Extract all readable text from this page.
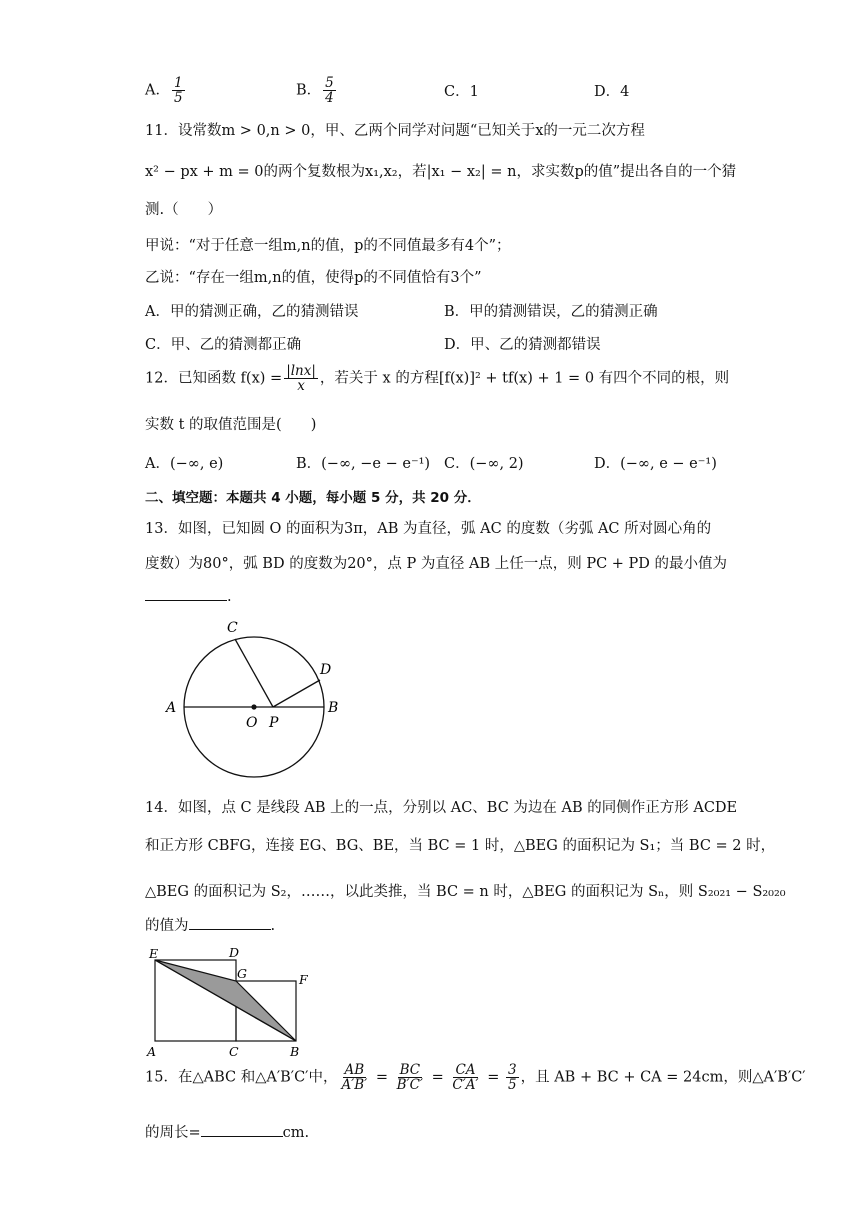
A． $\frac{1}{5}$	B． $\frac{5}{4}$	C．1	D．4
11．设常数m > 0,n > 0，甲、乙两个同学对问题“已知关于x的一元二次方程
x² − px + m = 0的两个复数根为x₁,x₂，若|x₁ − x₂| = n，求实数p的值”提出各自的一个猜
测.（　　）
甲说：“对于任意一组m,n的值，p的不同值最多有4个”；
乙说：“存在一组m,n的值，使得p的不同值恰有3个”
A．甲的猜测正确，乙的猜测错误	B．甲的猜测错误，乙的猜测正确
C．甲、乙的猜测都正确	D．甲、乙的猜测都错误
12．已知函数 $f(x) = \frac{|\ln x|}{x}$ ，若关于 x 的方程[f(x)]² + tf(x) + 1 = 0 有四个不同的根，则
实数 t 的取值范围是(　　)
A．(−∞, e)	B．(−∞, −e − e⁻¹) C．(−∞, 2)	D．(−∞, e − e⁻¹)
二、填空题：本题共 4 小题，每小题 5 分，共 20 分．
13．如图，已知圆 O 的面积为3π，AB 为直径，弧 AC 的度数（劣弧 AC 所对圆心角的
度数）为80°，弧 BD 的度数为20°，点 P 为直径 AB 上任一点，则 PC + PD 的最小值为
.
C
D
A	B
O P
14．如图，点 C 是线段 AB 上的一点，分别以 AC、BC 为边在 AB 的同侧作正方形 ACDE
和正方形 CBFG，连接 EG、BG、BE，当 BC = 1 时，△BEG 的面积记为 S₁；当 BC = 2 时，
△BEG 的面积记为 S₂，……，以此类推，当 BC = n 时，△BEG 的面积记为 Sₙ，则 S₂₀₂₁ − S₂₀₂₀
的值为	.
E	D
G	F
A	C	B
15．在△ABC 和△A′B′C′中， $\frac{AB}{A'B'} = \frac{BC}{B'C'} = \frac{CA}{C'A'} = \frac{3}{5}$ ，且 AB + BC + CA = 24cm，则△A′B′C′
的周长=	cm.
